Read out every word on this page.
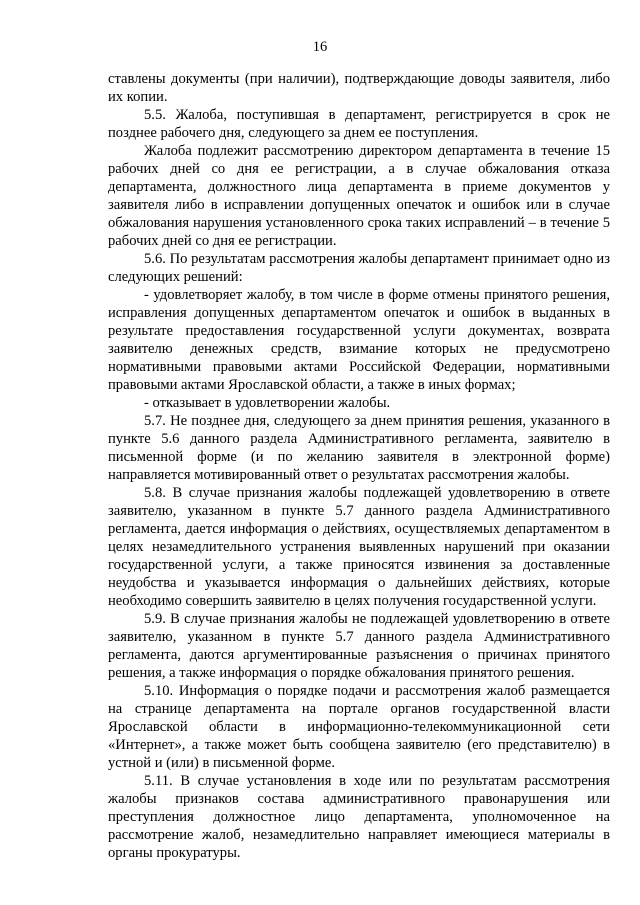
16

ставлены документы (при наличии), подтверждающие доводы заявителя, либо их копии.

5.5. Жалоба, поступившая в департамент, регистрируется в срок не позднее рабочего дня, следующего за днем ее поступления.

Жалоба подлежит рассмотрению директором департамента в течение 15 рабочих дней со дня ее регистрации, а в случае обжалования отказа департамента, должностного лица департамента в приеме документов у заявителя либо в исправлении допущенных опечаток и ошибок или в случае обжалования нарушения установленного срока таких исправлений – в течение 5 рабочих дней со дня ее регистрации.

5.6. По результатам рассмотрения жалобы департамент принимает одно из следующих решений:

- удовлетворяет жалобу, в том числе в форме отмены принятого решения, исправления допущенных департаментом опечаток и ошибок в выданных в результате предоставления государственной услуги документах, возврата заявителю денежных средств, взимание которых не предусмотрено нормативными правовыми актами Российской Федерации, нормативными правовыми актами Ярославской области, а также в иных формах;

- отказывает в удовлетворении жалобы.

5.7. Не позднее дня, следующего за днем принятия решения, указанного в пункте 5.6 данного раздела Административного регламента, заявителю в письменной форме (и по желанию заявителя в электронной форме) направляется мотивированный ответ о результатах рассмотрения жалобы.

5.8. В случае признания жалобы подлежащей удовлетворению в ответе заявителю, указанном в пункте 5.7 данного раздела Административного регламента, дается информация о действиях, осуществляемых департаментом в целях незамедлительного устранения выявленных нарушений при оказании государственной услуги, а также приносятся извинения за доставленные неудобства и указывается информация о дальнейших действиях, которые необходимо совершить заявителю в целях получения государственной услуги.

5.9. В случае признания жалобы не подлежащей удовлетворению в ответе заявителю, указанном в пункте 5.7 данного раздела Административного регламента, даются аргументированные разъяснения о причинах принятого решения, а также информация о порядке обжалования принятого решения.

5.10. Информация о порядке подачи и рассмотрения жалоб размещается на странице департамента на портале органов государственной власти Ярославской области в информационно-телекоммуникационной сети «Интернет», а также может быть сообщена заявителю (его представителю) в устной и (или) в письменной форме.

5.11. В случае установления в ходе или по результатам рассмотрения жалобы признаков состава административного правонарушения или преступления должностное лицо департамента, уполномоченное на рассмотрение жалоб, незамедлительно направляет имеющиеся материалы в органы прокуратуры.
